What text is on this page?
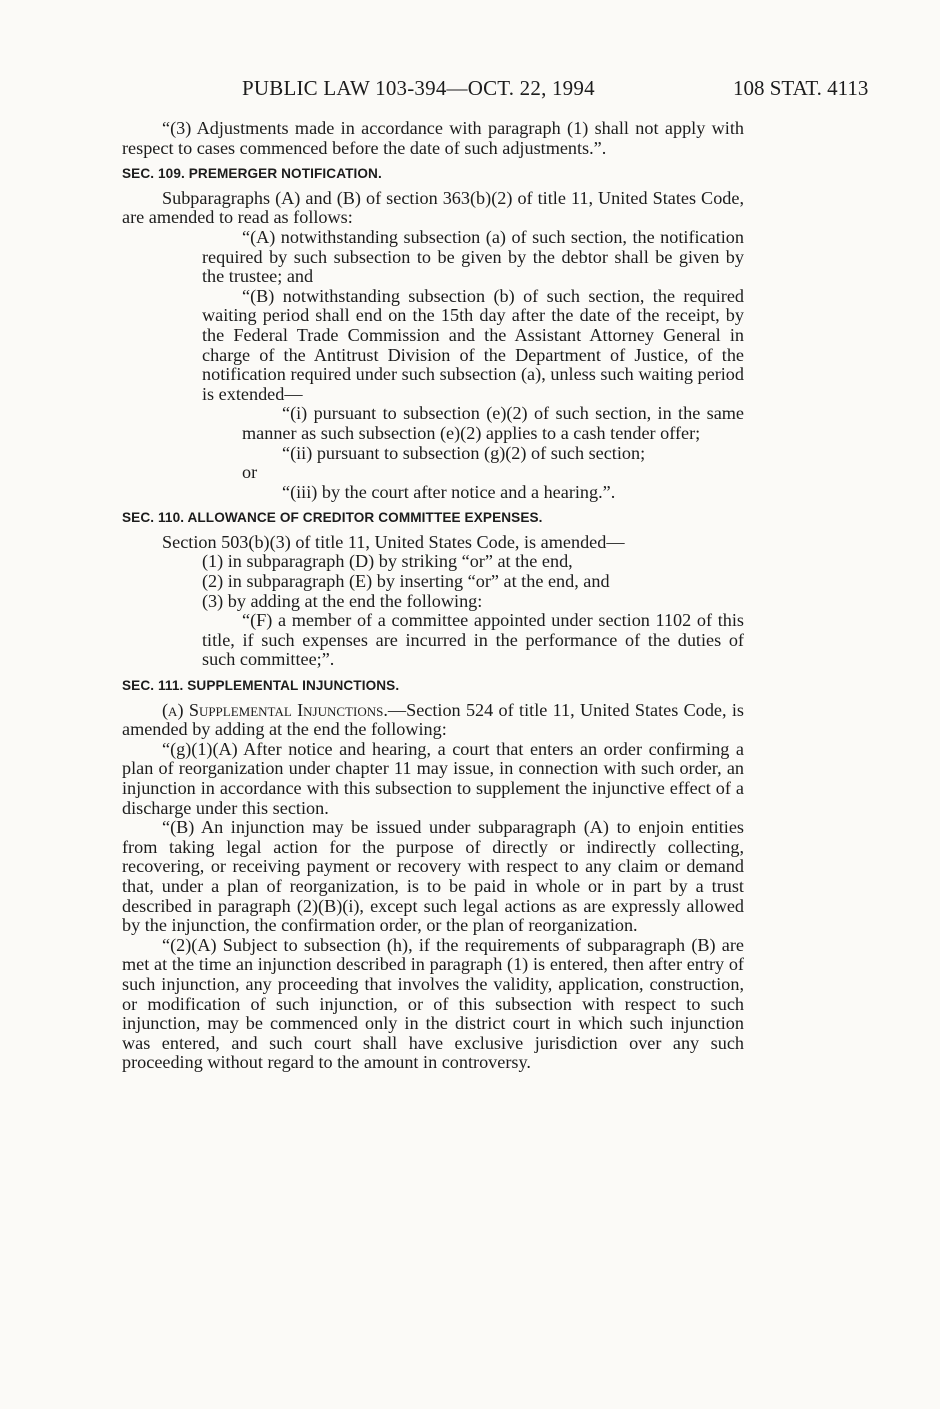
PUBLIC LAW 103-394—OCT. 22, 1994	108 STAT. 4113

“(3) Adjustments made in accordance with paragraph (1) shall not apply with respect to cases commenced before the date of such adjustments.”.

SEC. 109. PREMERGER NOTIFICATION.

Subparagraphs (A) and (B) of section 363(b)(2) of title 11, United States Code, are amended to read as follows:

“(A) notwithstanding subsection (a) of such section, the notification required by such subsection to be given by the debtor shall be given by the trustee; and

“(B) notwithstanding subsection (b) of such section, the required waiting period shall end on the 15th day after the date of the receipt, by the Federal Trade Commission and the Assistant Attorney General in charge of the Antitrust Division of the Department of Justice, of the notification required under such subsection (a), unless such waiting period is extended—

“(i) pursuant to subsection (e)(2) of such section, in the same manner as such subsection (e)(2) applies to a cash tender offer;

“(ii) pursuant to subsection (g)(2) of such section;

or

“(iii) by the court after notice and a hearing.”.

SEC. 110. ALLOWANCE OF CREDITOR COMMITTEE EXPENSES.

Section 503(b)(3) of title 11, United States Code, is amended—

(1) in subparagraph (D) by striking “or” at the end,

(2) in subparagraph (E) by inserting “or” at the end, and

(3) by adding at the end the following:

“(F) a member of a committee appointed under section 1102 of this title, if such expenses are incurred in the performance of the duties of such committee;”.

SEC. 111. SUPPLEMENTAL INJUNCTIONS.

(a) Supplemental Injunctions.—Section 524 of title 11, United States Code, is amended by adding at the end the following:

“(g)(1)(A) After notice and hearing, a court that enters an order confirming a plan of reorganization under chapter 11 may issue, in connection with such order, an injunction in accordance with this subsection to supplement the injunctive effect of a discharge under this section.

“(B) An injunction may be issued under subparagraph (A) to enjoin entities from taking legal action for the purpose of directly or indirectly collecting, recovering, or receiving payment or recovery with respect to any claim or demand that, under a plan of reorganization, is to be paid in whole or in part by a trust described in paragraph (2)(B)(i), except such legal actions as are expressly allowed by the injunction, the confirmation order, or the plan of reorganization.

“(2)(A) Subject to subsection (h), if the requirements of subparagraph (B) are met at the time an injunction described in paragraph (1) is entered, then after entry of such injunction, any proceeding that involves the validity, application, construction, or modification of such injunction, or of this subsection with respect to such injunction, may be commenced only in the district court in which such injunction was entered, and such court shall have exclusive jurisdiction over any such proceeding without regard to the amount in controversy.
